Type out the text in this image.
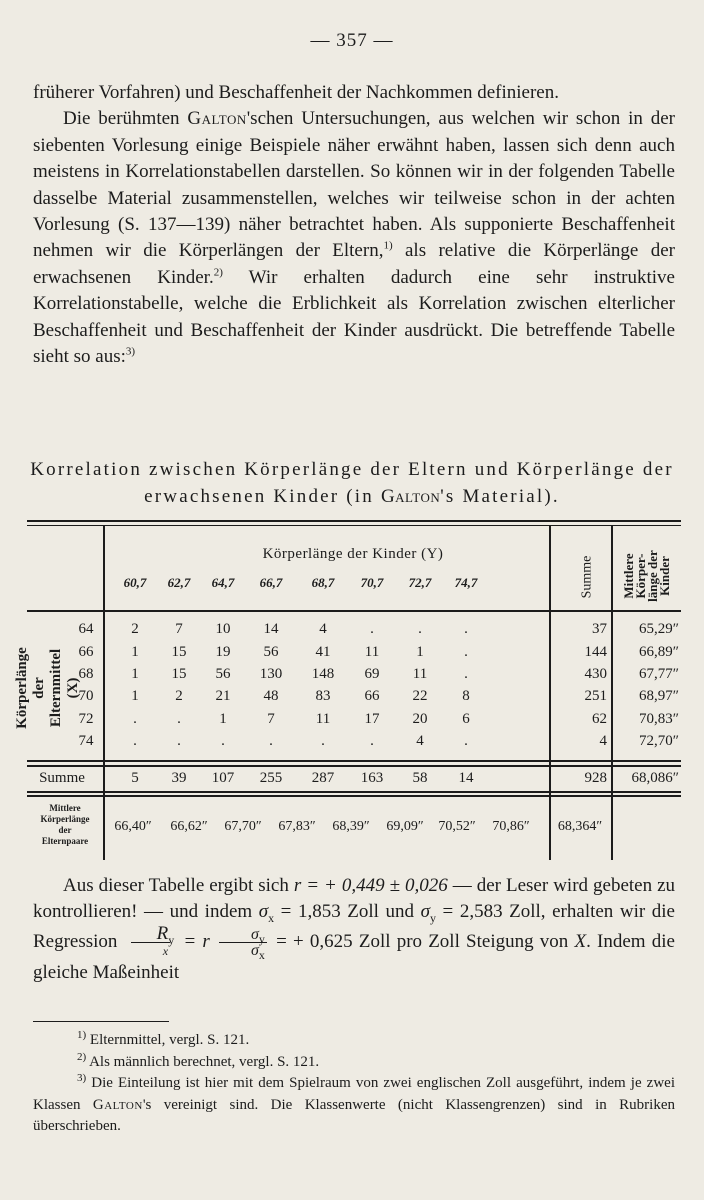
— 357 —

früherer Vorfahren) und Beschaffenheit der Nachkommen definieren.

Die berühmten Galton'schen Untersuchungen, aus welchen wir schon in der siebenten Vorlesung einige Beispiele näher erwähnt haben, lassen sich denn auch meistens in Korrelationstabellen darstellen. So können wir in der folgenden Tabelle dasselbe Material zusammenstellen, welches wir teilweise schon in der achten Vorlesung (S. 137—139) näher betrachtet haben. Als supponierte Beschaffenheit nehmen wir die Körperlängen der Eltern,$^{1)}$ als relative die Körperlänge der erwachsenen Kinder.$^{2)}$ Wir erhalten dadurch eine sehr instruktive Korrelationstabelle, welche die Erblichkeit als Korrelation zwischen elterlicher Beschaffenheit und Beschaffenheit der Kinder ausdrückt. Die betreffende Tabelle sieht so aus:$^{3)}$

Korrelation zwischen Körperlänge der Eltern und Körperlänge der erwachsenen Kinder (in Galton's Material).
Körperlänge der Kinder (Y)
60,7	62,7	64,7	66,7	68,7	70,7	72,7	74,7	Summe Mittlere
Körper-
länge der
Kinder
Körperlänge der
Elternmittel (X)
64	2	7	10	14	4	.	.	.	37	65,29″
66	1	15	19	56	41	11	1	.	144	66,89″
68	1	15	56	130	148	69	11	.	430	67,77″
70	1	2	21	48	83	66	22	8	251	68,97″
72	.	.	1	7	11	17	20	6	62	70,83″
74	.	.	.	.	.	.	4	.	4	72,70″
Summe	5	39	107	255	287	163	58	14	928	68,086″
Mittlere
Körperlänge
der
Elternpaare
66,40″	66,62″	67,70″	67,83″	68,39″	69,09″	70,52″	70,86″	68,364″

Aus dieser Tabelle ergibt sich r = + 0,449 ± 0,026 — der Leser wird gebeten zu kontrollieren! — und indem $\sigma_x = 1,853$ Zoll und $\sigma_y = 2,583$ Zoll, erhalten wir die Regression $\frac{R_y}{x} = r \frac{\sigma_y}{\sigma_x}$ = + 0,625 Zoll pro Zoll Steigung von X. Indem die gleiche Maßeinheit

$^{1)}$ Elternmittel, vergl. S. 121.

$^{2)}$ Als männlich berechnet, vergl. S. 121.

$^{3)}$ Die Einteilung ist hier mit dem Spielraum von zwei englischen Zoll ausgeführt, indem je zwei Klassen Galton's vereinigt sind. Die Klassenwerte (nicht Klassengrenzen) sind in Rubriken überschrieben.
